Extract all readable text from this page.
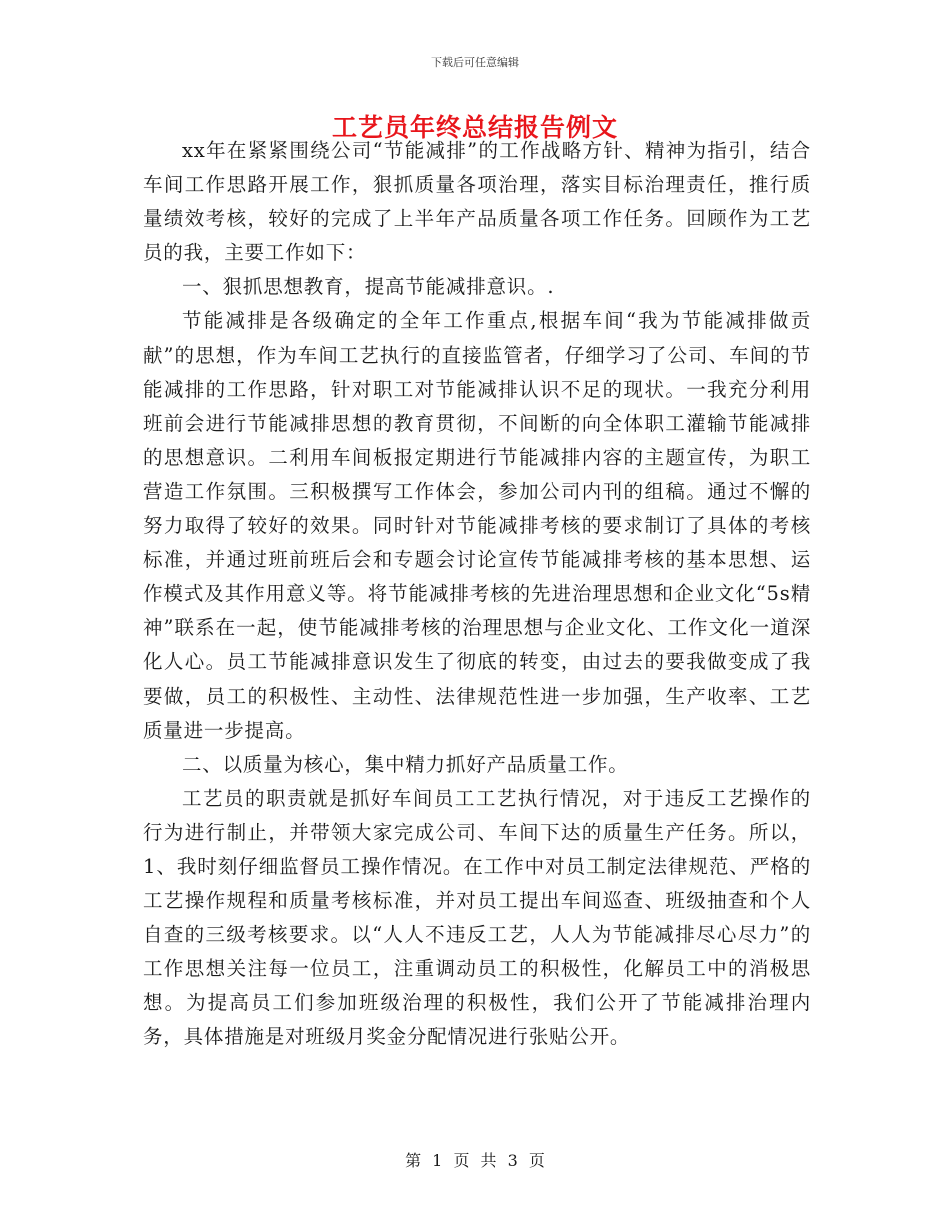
下载后可任意编辑
工艺员年终总结报告例文

xx年在紧紧围绕公司“节能减排”的工作战略方针、精神为指引，结合车间工作思路开展工作，狠抓质量各项治理，落实目标治理责任，推行质量绩效考核，较好的完成了上半年产品质量各项工作任务。回顾作为工艺员的我，主要工作如下：

一、狠抓思想教育，提高节能减排意识。.

节能减排是各级确定的全年工作重点,根据车间“我为节能减排做贡献”的思想，作为车间工艺执行的直接监管者，仔细学习了公司、车间的节能减排的工作思路，针对职工对节能减排认识不足的现状。一我充分利用班前会进行节能减排思想的教育贯彻，不间断的向全体职工灌输节能减排的思想意识。二利用车间板报定期进行节能减排内容的主题宣传，为职工营造工作氛围。三积极撰写工作体会，参加公司内刊的组稿。通过不懈的努力取得了较好的效果。同时针对节能减排考核的要求制订了具体的考核标准，并通过班前班后会和专题会讨论宣传节能减排考核的基本思想、运作模式及其作用意义等。将节能减排考核的先进治理思想和企业文化“5s精神”联系在一起，使节能减排考核的治理思想与企业文化、工作文化一道深化人心。员工节能减排意识发生了彻底的转变，由过去的要我做变成了我要做，员工的积极性、主动性、法律规范性进一步加强，生产收率、工艺质量进一步提高。

二、以质量为核心，集中精力抓好产品质量工作。

工艺员的职责就是抓好车间员工工艺执行情况，对于违反工艺操作的行为进行制止，并带领大家完成公司、车间下达的质量生产任务。所以，1、我时刻仔细监督员工操作情况。在工作中对员工制定法律规范、严格的工艺操作规程和质量考核标准，并对员工提出车间巡查、班级抽查和个人自查的三级考核要求。以“人人不违反工艺，人人为节能减排尽心尽力”的工作思想关注每一位员工，注重调动员工的积极性，化解员工中的消极思想。为提高员工们参加班级治理的积极性，我们公开了节能减排治理内务，具体措施是对班级月奖金分配情况进行张贴公开。

第 1 页 共 3 页
